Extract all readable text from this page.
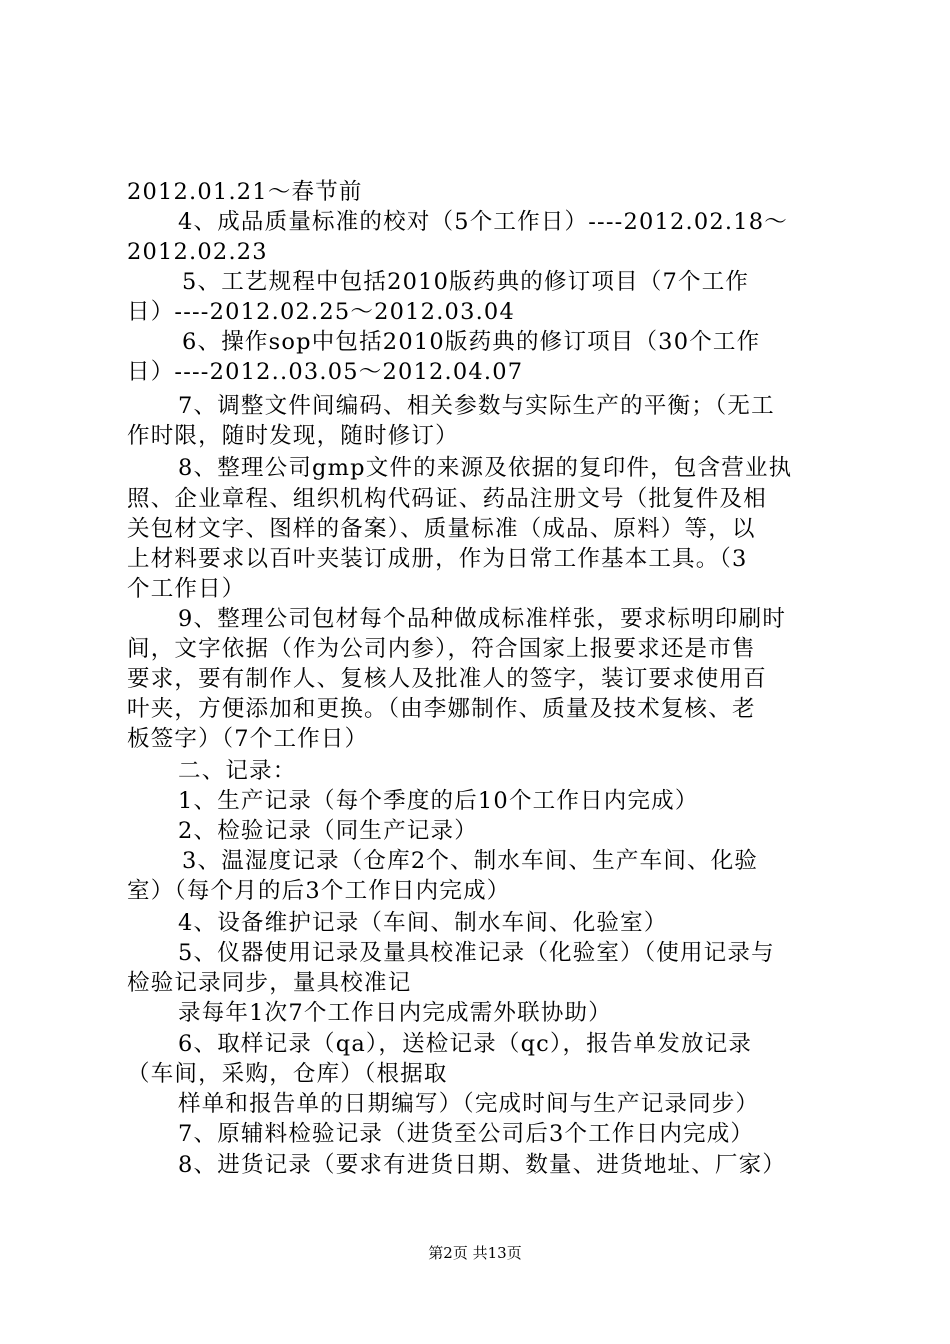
2012.01.21～春节前
4、成品质量标准的校对（5个工作日）----2012.02.18～
2012.02.23
5、工艺规程中包括2010版药典的修订项目（7个工作
日）----2012.02.25～2012.03.04
6、操作sop中包括2010版药典的修订项目（30个工作
日）----2012..03.05～2012.04.07
7、调整文件间编码、相关参数与实际生产的平衡；（无工
作时限，随时发现，随时修订）
8、整理公司gmp文件的来源及依据的复印件，包含营业执
照、企业章程、组织机构代码证、药品注册文号（批复件及相
关包材文字、图样的备案）、质量标准（成品、原料）等，以
上材料要求以百叶夹装订成册，作为日常工作基本工具。（3
个工作日）
9、整理公司包材每个品种做成标准样张，要求标明印刷时
间，文字依据（作为公司内参），符合国家上报要求还是市售
要求，要有制作人、复核人及批准人的签字，装订要求使用百
叶夹，方便添加和更换。（由李娜制作、质量及技术复核、老
板签字）（7个工作日）
二、记录：
1、生产记录（每个季度的后10个工作日内完成）
2、检验记录（同生产记录）
3、温湿度记录（仓库2个、制水车间、生产车间、化验
室）（每个月的后3个工作日内完成）
4、设备维护记录（车间、制水车间、化验室）
5、仪器使用记录及量具校准记录（化验室）（使用记录与
检验记录同步，量具校准记
录每年1次7个工作日内完成需外联协助）
6、取样记录（qa），送检记录（qc），报告单发放记录
（车间，采购，仓库）（根据取
样单和报告单的日期编写）（完成时间与生产记录同步）
7、原辅料检验记录（进货至公司后3个工作日内完成）
8、进货记录（要求有进货日期、数量、进货地址、厂家）
第2页 共13页
